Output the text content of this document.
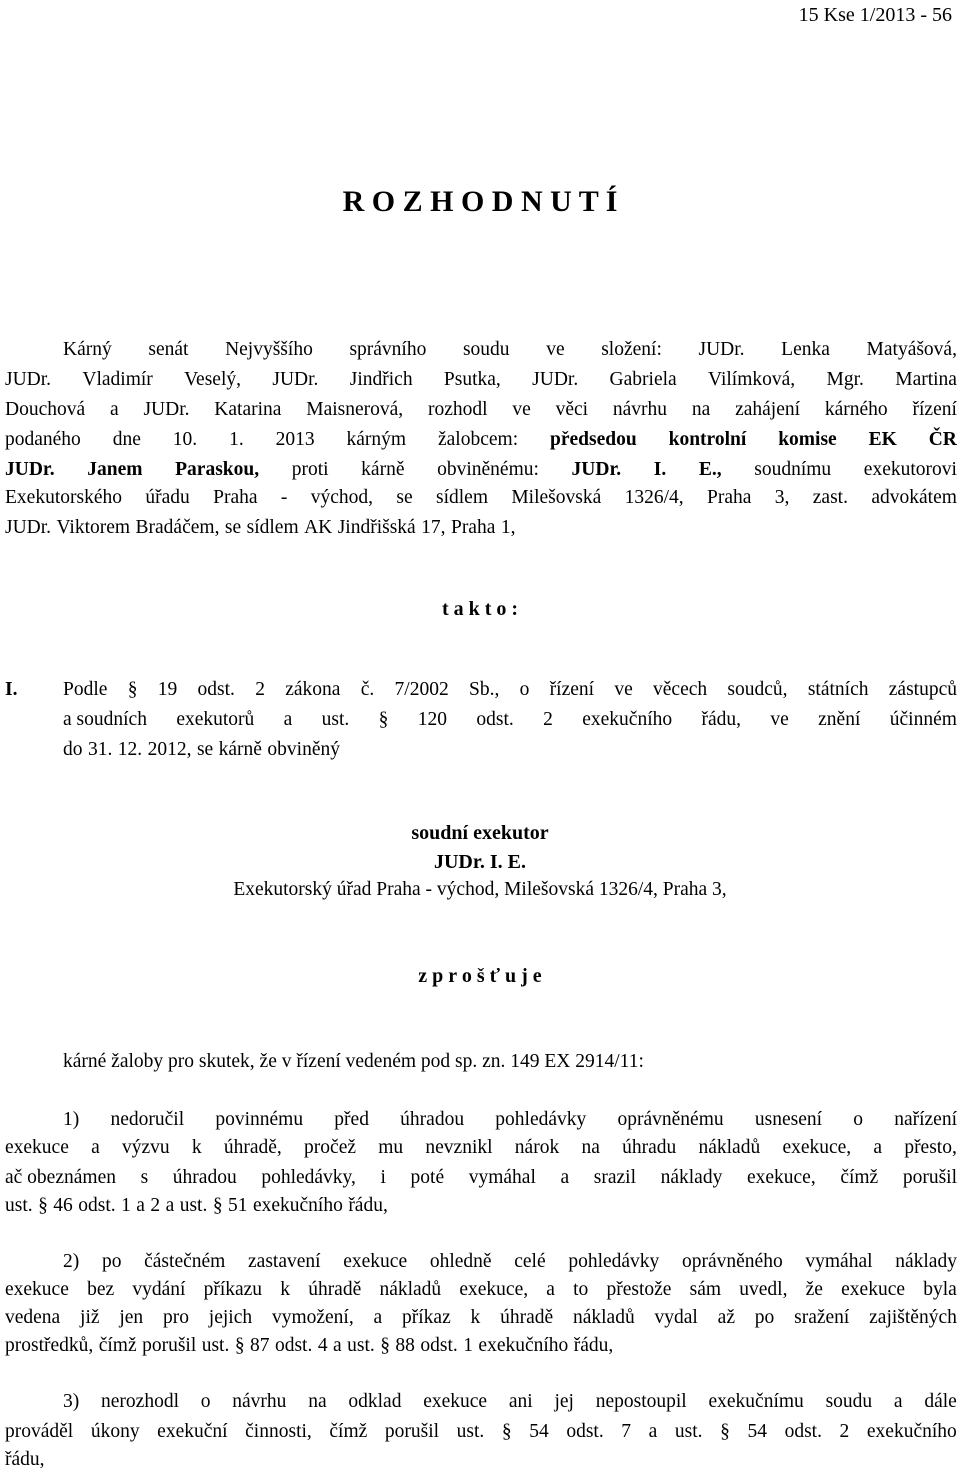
15 Kse 1/2013 - 56
R O Z H O D N U T Í
Kárný senát Nejvyššího správního soudu ve složení: JUDr. Lenka Matyášová,
JUDr. Vladimír Veselý, JUDr. Jindřich Psutka, JUDr. Gabriela Vilímková, Mgr. Martina
Douchová a JUDr. Katarina Maisnerová, rozhodl ve věci návrhu na zahájení kárného řízení
podaného dne 10. 1. 2013 kárným žalobcem: předsedou kontrolní komise EK ČR
JUDr. Janem Paraskou, proti kárně obviněnému: JUDr. I. E., soudnímu exekutorovi
Exekutorského úřadu Praha - východ, se sídlem Milešovská 1326/4, Praha 3, zast. advokátem
JUDr. Viktorem Bradáčem, se sídlem AK Jindřišská 17, Praha 1,
t a k t o :
I. Podle § 19 odst. 2 zákona č. 7/2002 Sb., o řízení ve věcech soudců, státních zástupců
a soudních exekutorů a ust. § 120 odst. 2 exekučního řádu, ve znění účinném
do 31. 12. 2012, se kárně obviněný
soudní exekutor
JUDr. I. E.
Exekutorský úřad Praha - východ, Milešovská 1326/4, Praha 3,
z p r o š ť u j e
kárné žaloby pro skutek, že v řízení vedeném pod sp. zn. 149 EX 2914/11:
1) nedoručil povinnému před úhradou pohledávky oprávněnému usnesení o nařízení
exekuce a výzvu k úhradě, pročež mu nevznikl nárok na úhradu nákladů exekuce, a přesto,
ač obeznámen s úhradou pohledávky, i poté vymáhal a srazil náklady exekuce, čímž porušil
ust. § 46 odst. 1 a 2 a ust. § 51 exekučního řádu,
2) po částečném zastavení exekuce ohledně celé pohledávky oprávněného vymáhal náklady
exekuce bez vydání příkazu k úhradě nákladů exekuce, a to přestože sám uvedl, že exekuce byla
vedena již jen pro jejich vymožení, a příkaz k úhradě nákladů vydal až po sražení zajištěných
prostředků, čímž porušil ust. § 87 odst. 4 a ust. § 88 odst. 1 exekučního řádu,
3) nerozhodl o návrhu na odklad exekuce ani jej nepostoupil exekučnímu soudu a dále
prováděl úkony exekuční činnosti, čímž porušil ust. § 54 odst. 7 a ust. § 54 odst. 2 exekučního
řádu,
